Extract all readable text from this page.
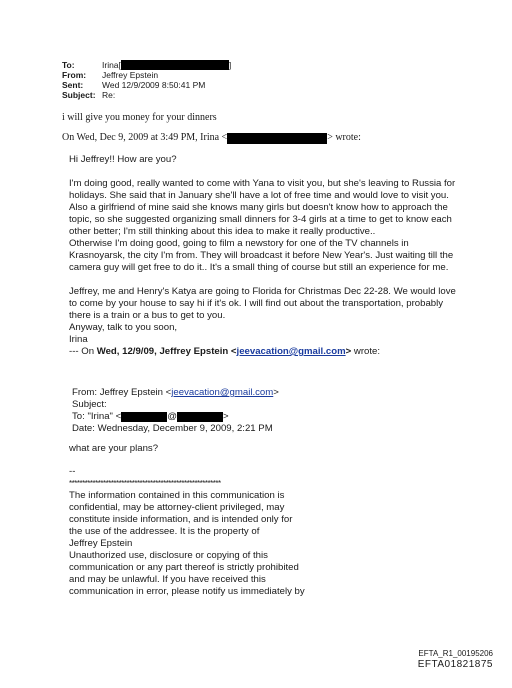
To:	Irina [	]
From:	Jeffrey Epstein
Sent:	Wed 12/9/2009 8:50:41 PM
Subject: Re:

i will give you money for your dinners

On Wed, Dec 9, 2009 at 3:49 PM, Irina <	> wrote:

Hi Jeffrey!! How are you?

I'm doing good, really wanted to come with Yana to visit you, but she's leaving to Russia for holidays. She said that in January she'll have a lot of free time and would love to visit you. Also a girlfriend of mine said she knows many girls but doesn't know how to approach the topic, so she suggested organizing small dinners for 3-4 girls at a time to get to know each other better; I'm still thinking about this idea to make it really productive..

Otherwise I'm doing good, going to film a newstory for one of the TV channels in Krasnoyarsk, the city I'm from. They will broadcast it before New Year's. Just waiting till the camera guy will get free to do it.. It's a small thing of course but still an experience for me.

Jeffrey, me and Henry's Katya are going to Florida for Christmas Dec 22-28. We would love to come by your house to say hi if it's ok. I will find out about the transportation, probably there is a train or a bus to get to you.

Anyway, talk to you soon,

Irina

--- On Wed, 12/9/09, Jeffrey Epstein <jeevacation@gmail.com> wrote:

From: Jeffrey Epstein <jeevacation@gmail.com>

Subject:

To: "Irina" <	@	>

Date: Wednesday, December 9, 2009, 2:21 PM

what are your plans?

--

**********************************************************

The information contained in this communication is

confidential, may be attorney-client privileged, may

constitute inside information, and is intended only for

the use of the addressee. It is the property of

Jeffrey Epstein

Unauthorized use, disclosure or copying of this

communication or any part thereof is strictly prohibited

and may be unlawful. If you have received this

communication in error, please notify us immediately by

EFTA_R1_00195206
EFTA01821875
